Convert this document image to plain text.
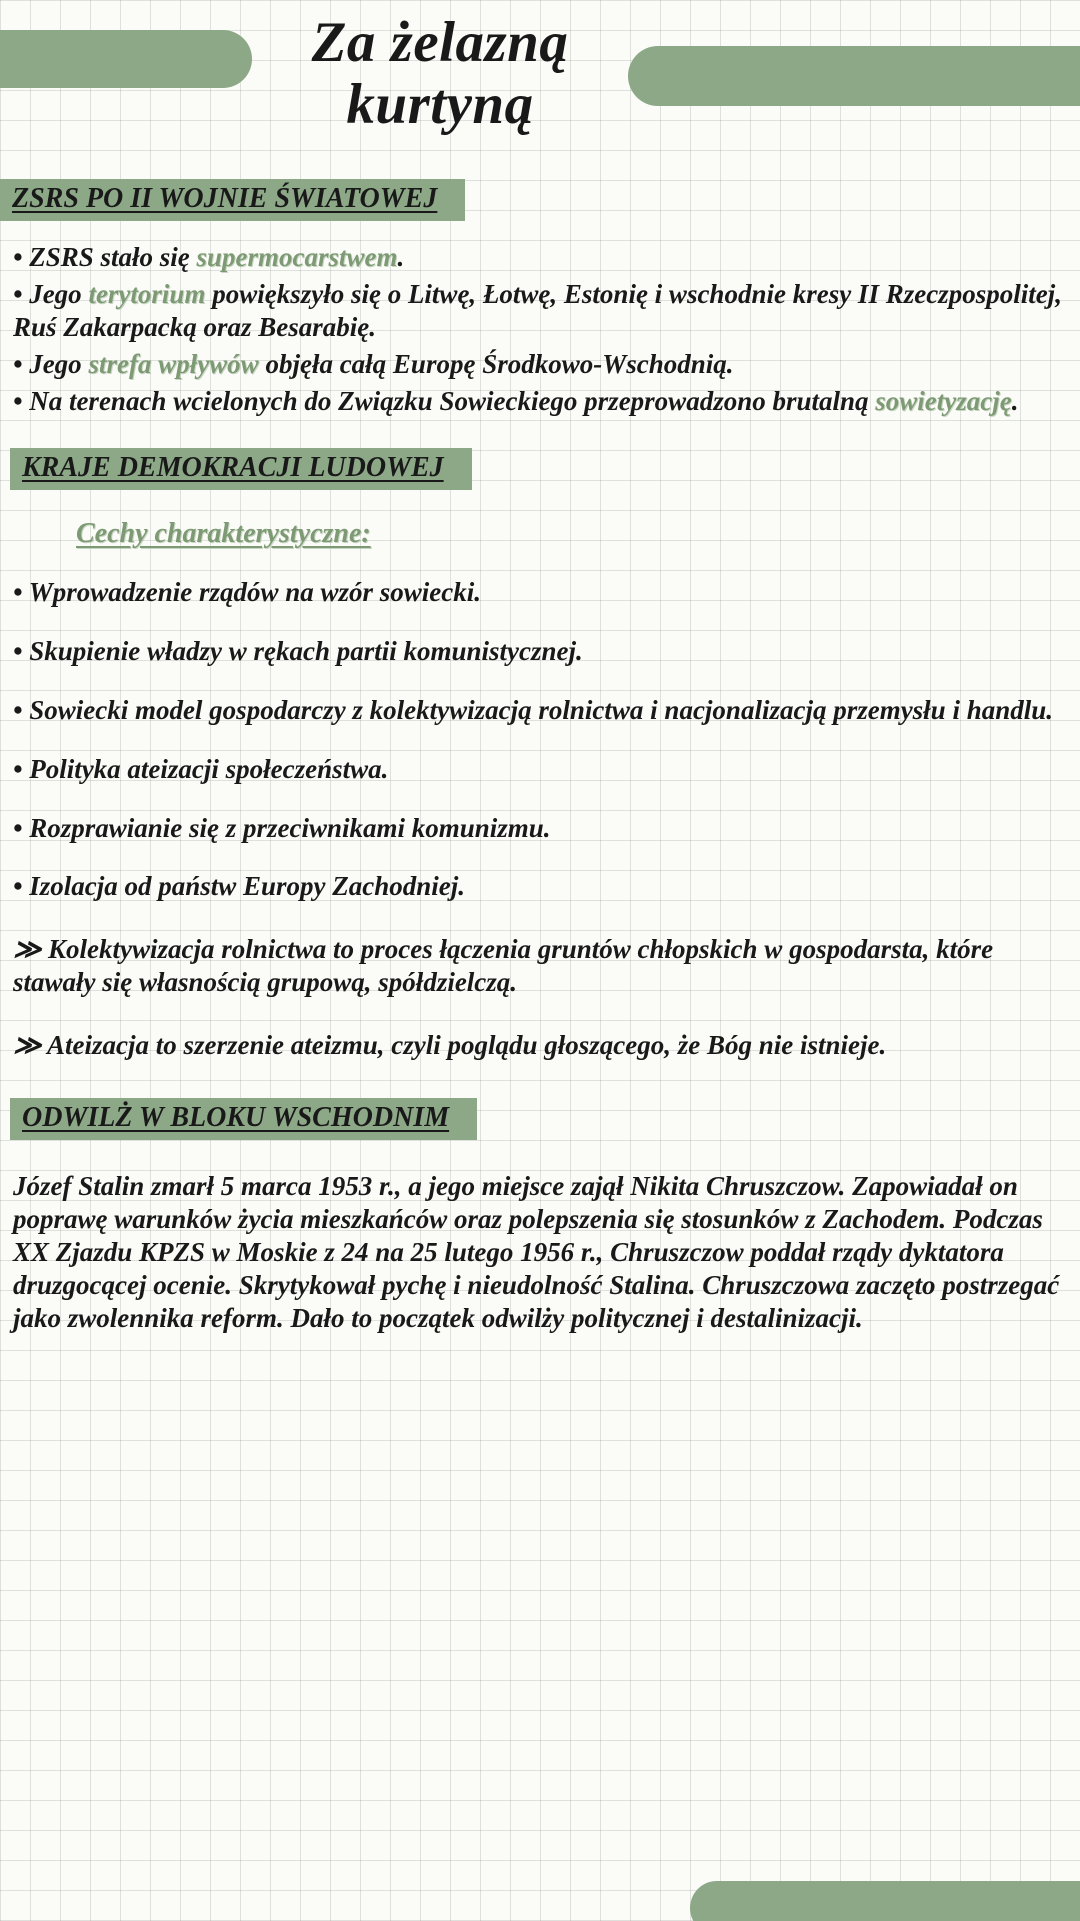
Za żelazną
kurtyną
ZSRS PO II WOJNIE ŚWIATOWEJ

• ZSRS stało się supermocarstwem.

• Jego terytorium powiększyło się o Litwę, Łotwę, Estonię i wschodnie kresy II Rzeczpospolitej, Ruś Zakarpacką oraz Besarabię.

• Jego strefa wpływów objęła całą Europę Środkowo-Wschodnią.

• Na terenach wcielonych do Związku Sowieckiego przeprowadzono brutalną sowietyzację.

KRAJE DEMOKRACJI LUDOWEJ

Cechy charakterystyczne:

• Wprowadzenie rządów na wzór sowiecki.

• Skupienie władzy w rękach partii komunistycznej.

• Sowiecki model gospodarczy z kolektywizacją rolnictwa i nacjonalizacją przemysłu i handlu.

• Polityka ateizacji społeczeństwa.

• Rozprawianie się z przeciwnikami komunizmu.

• Izolacja od państw Europy Zachodniej.

≫ Kolektywizacja rolnictwa to proces łączenia gruntów chłopskich w gospodarsta, które stawały się własnością grupową, spółdzielczą.

≫ Ateizacja to szerzenie ateizmu, czyli poglądu głoszącego, że Bóg nie istnieje.

ODWILŻ W BLOKU WSCHODNIM

Józef Stalin zmarł 5 marca 1953 r., a jego miejsce zajął Nikita Chruszczow. Zapowiadał on poprawę warunków życia mieszkańców oraz polepszenia się stosunków z Zachodem. Podczas XX Zjazdu KPZS w Moskie z 24 na 25 lutego 1956 r., Chruszczow poddał rządy dyktatora druzgocącej ocenie. Skrytykował pychę i nieudolność Stalina. Chruszczowa zaczęto postrzegać jako zwolennika reform. Dało to początek odwilży politycznej i destalinizacji.
